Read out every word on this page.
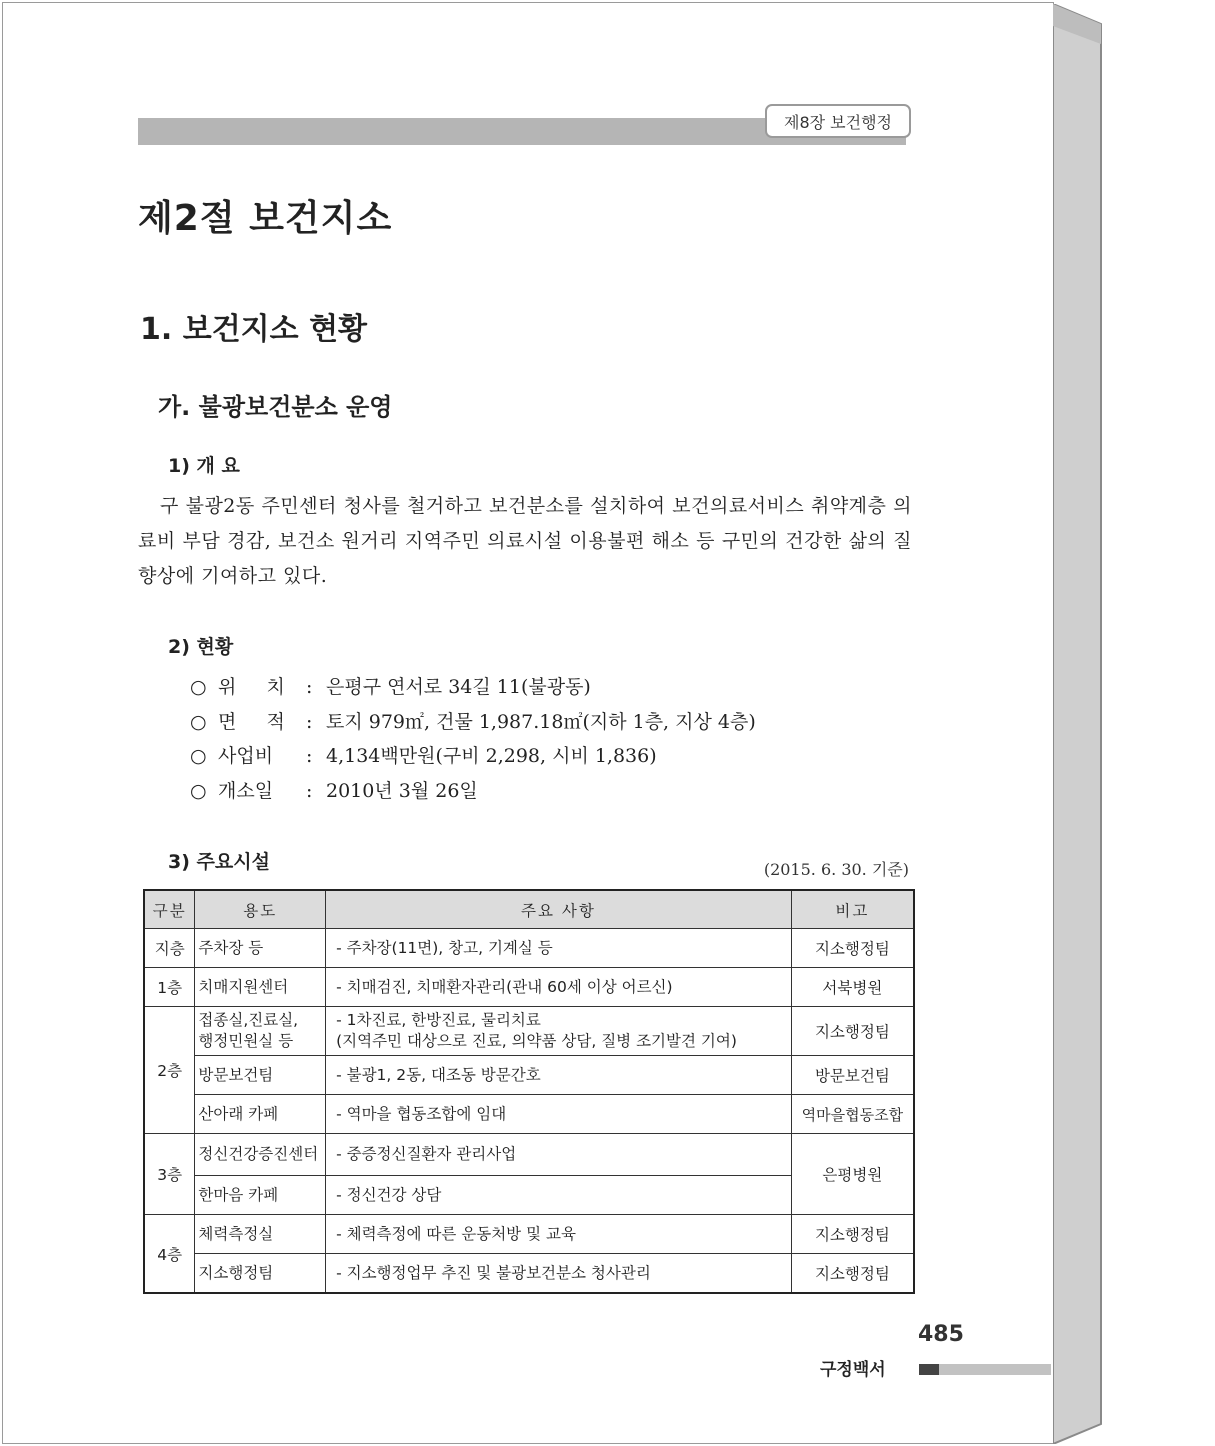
제8장 보건행정
제2절 보건지소
1. 보건지소 현황
가. 불광보건분소 운영
1) 개 요

구 불광2동 주민센터 청사를 철거하고 보건분소를 설치하여 보건의료서비스 취약계층 의료비 부담 경감, 보건소 원거리 지역주민 의료시설 이용불편 해소 등 구민의 건강한 삶의 질 향상에 기여하고 있다.

2) 현황
○ 위     치	: 은평구 연서로 34길 11(불광동)
○ 면     적	: 토지 979㎡, 건물 1,987.18㎡(지하 1층, 지상 4층)
○ 사업비	: 4,134백만원(구비 2,298, 시비 1,836)
○ 개소일	: 2010년 3월 26일
3) 주요시설	(2015. 6. 30. 기준)
구분	용도	주요 사항	비고
지층	주차장 등	- 주차장(11면), 창고, 기계실 등	지소행정팀
1층	치매지원센터	- 치매검진, 치매환자관리(관내 60세 이상 어르신)	서북병원
2층	접종실,진료실,
행정민원실 등	- 1차진료, 한방진료, 물리치료
(지역주민 대상으로 진료, 의약품 상담, 질병 조기발견 기여)	지소행정팀
	방문보건팀	- 불광1, 2동, 대조동 방문간호	방문보건팀
	산아래 카페	- 역마을 협동조합에 임대	역마을협동조합
3층	정신건강증진센터	- 중증정신질환자 관리사업	은평병원
	한마음 카페	- 정신건강 상담	
4층	체력측정실	- 체력측정에 따른 운동처방 및 교육	지소행정팀
	지소행정팀	- 지소행정업무 추진 및 불광보건분소 청사관리	지소행정팀
485
구정백서
